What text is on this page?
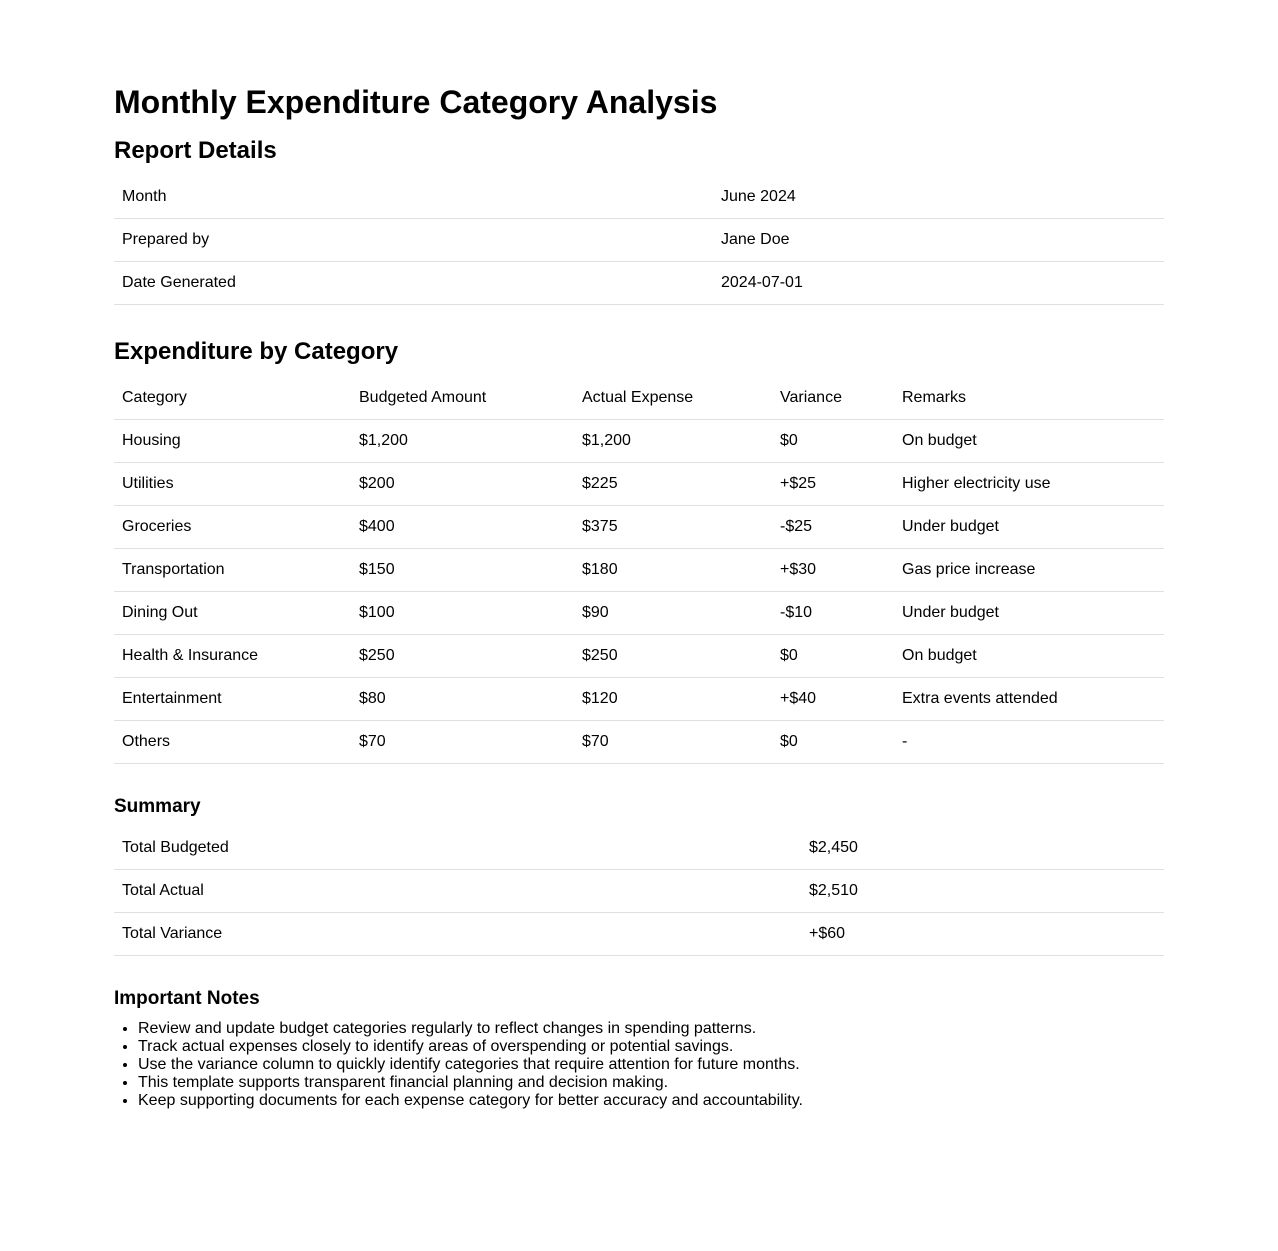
Monthly Expenditure Category Analysis
Report Details
Month	June 2024
Prepared by	Jane Doe
Date Generated	2024-07-01
Expenditure by Category
Category	Budgeted Amount	Actual Expense	Variance	Remarks
Housing	$1,200	$1,200	$0	On budget
Utilities	$200	$225	+$25	Higher electricity use
Groceries	$400	$375	-$25	Under budget
Transportation	$150	$180	+$30	Gas price increase
Dining Out	$100	$90	-$10	Under budget
Health & Insurance	$250	$250	$0	On budget
Entertainment	$80	$120	+$40	Extra events attended
Others	$70	$70	$0	-
Summary
Total Budgeted	$2,450
Total Actual	$2,510
Total Variance	+$60
Important Notes
• Review and update budget categories regularly to reflect changes in spending patterns.
• Track actual expenses closely to identify areas of overspending or potential savings.
• Use the variance column to quickly identify categories that require attention for future months.
• This template supports transparent financial planning and decision making.
• Keep supporting documents for each expense category for better accuracy and accountability.
